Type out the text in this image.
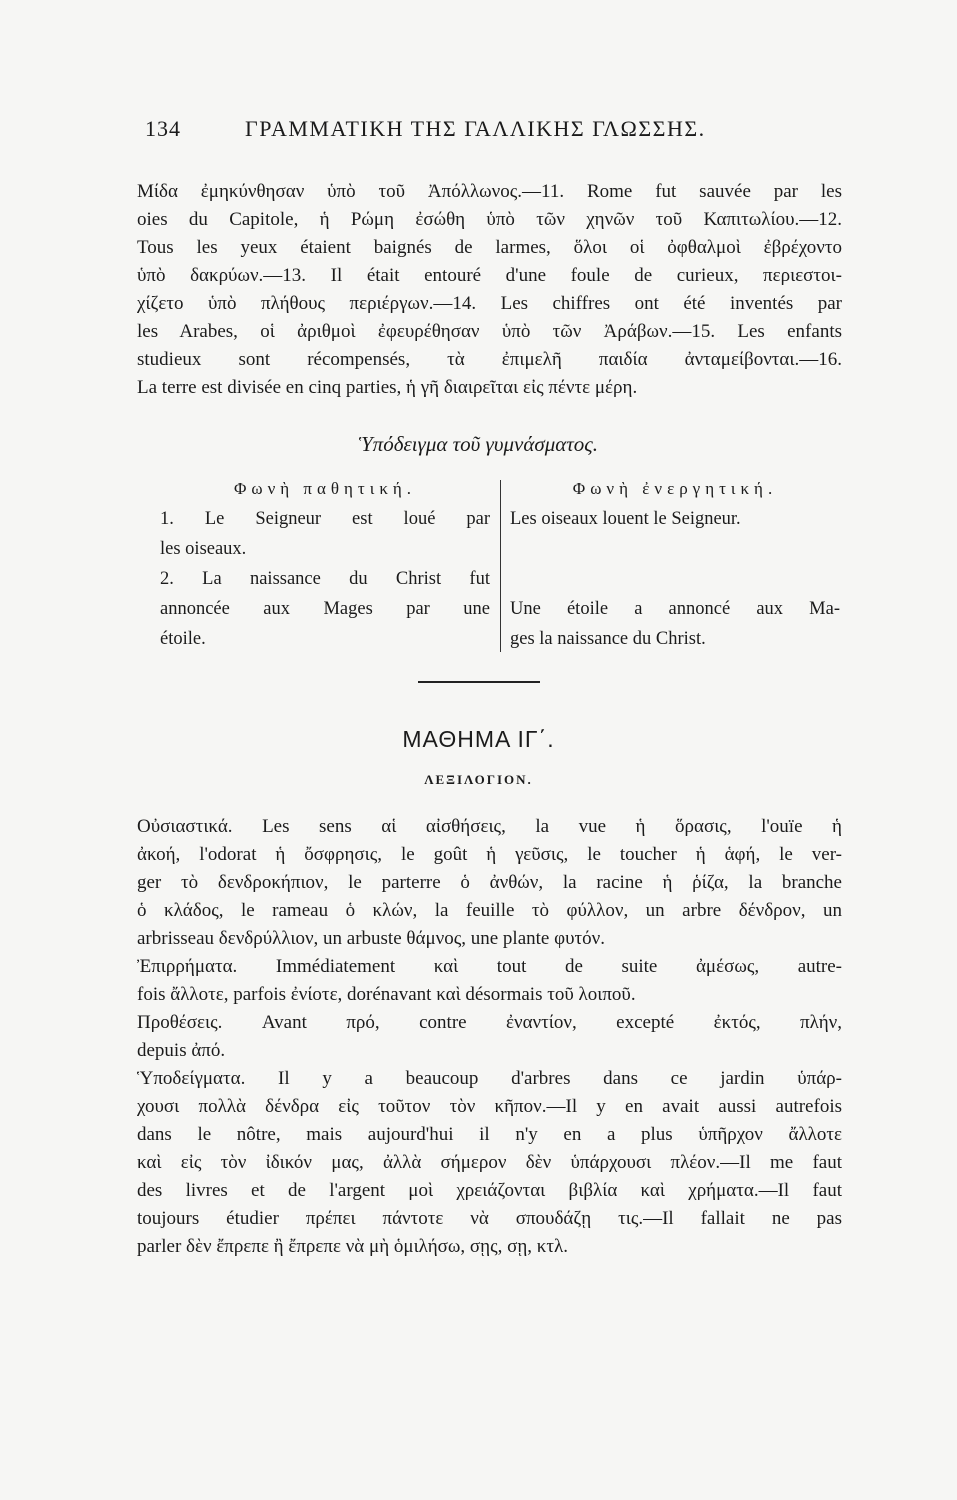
134	ΓΡΑΜΜΑΤΙΚΗ ΤΗΣ ΓΑΛΛΙΚΗΣ ΓΛΩΣΣΗΣ.
Μίδα ἐμηκύνθησαν ὑπὸ τοῦ Ἀπόλλωνος.—11. Rome fut sauvée par les
oies du Capitole, ἡ Ρώμη ἐσώθη ὑπὸ τῶν χηνῶν τοῦ Καπιτωλίου.—12.
Tous les yeux étaient baignés de larmes, ὅλοι οἱ ὀφθαλμοὶ ἐβρέχοντο
ὑπὸ δακρύων.—13. Il était entouré d'une foule de curieux, περιεστοι-
χίζετο ὑπὸ πλήθους περιέργων.—14. Les chiffres ont été inventés par
les Arabes, οἱ ἀριθμοὶ ἐφευρέθησαν ὑπὸ τῶν Ἀράβων.—15. Les enfants
studieux sont récompensés, τὰ ἐπιμελῆ παιδία ἀνταμείβονται.—16.
La terre est divisée en cinq parties, ἡ γῆ διαιρεῖται εἰς πέντε μέρη.
Ὑπόδειγμα τοῦ γυμνάσματος.
Φωνὴ παθητική.
1. Le Seigneur est loué par
les oiseaux.
2. La naissance du Christ fut
annoncée aux Mages par une
étoile.
Φωνὴ ἐνεργητική.
Les oiseaux louent le Seigneur.
Une étoile a annoncé aux Ma-
ges la naissance du Christ.
ΜΑΘΗΜΑ ΙΓ΄.
ΛΕΞΙΛΟΓΙΟΝ.
Οὐσιαστικά. Les sens αἱ αἰσθήσεις, la vue ἡ ὅρασις, l'ouïe ἡ
ἀκοή, l'odorat ἡ ὄσφρησις, le goût ἡ γεῦσις, le toucher ἡ ἁφή, le ver-
ger τὸ δενδροκήπιον, le parterre ὁ ἀνθών, la racine ἡ ῥίζα, la branche
ὁ κλάδος, le rameau ὁ κλών, la feuille τὸ φύλλον, un arbre δένδρον, un
arbrisseau δενδρύλλιον, un arbuste θάμνος, une plante φυτόν.
Ἐπιρρήματα. Immédiatement καὶ tout de suite ἀμέσως, autre-
fois ἄλλοτε, parfois ἐνίοτε, dorénavant καὶ désormais τοῦ λοιποῦ.
Προθέσεις. Avant πρό, contre ἐναντίον, excepté ἐκτός, πλήν,
depuis ἀπό.
Ὑποδείγματα. Il y a beaucoup d'arbres dans ce jardin ὑπάρ-
χουσι πολλὰ δένδρα εἰς τοῦτον τὸν κῆπον.—Il y en avait aussi autrefois
dans le nôtre, mais aujourd'hui il n'y en a plus ὑπῆρχον ἄλλοτε
καὶ εἰς τὸν ἰδικόν μας, ἀλλὰ σήμερον δὲν ὑπάρχουσι πλέον.—Il me faut
des livres et de l'argent μοὶ χρειάζονται βιβλία καὶ χρήματα.—Il faut
toujours étudier πρέπει πάντοτε νὰ σπουδάζῃ τις.—Il fallait ne pas
parler δὲν ἔπρεπε ἢ ἔπρεπε νὰ μὴ ὁμιλήσω, σῃς, σῃ, κτλ.
